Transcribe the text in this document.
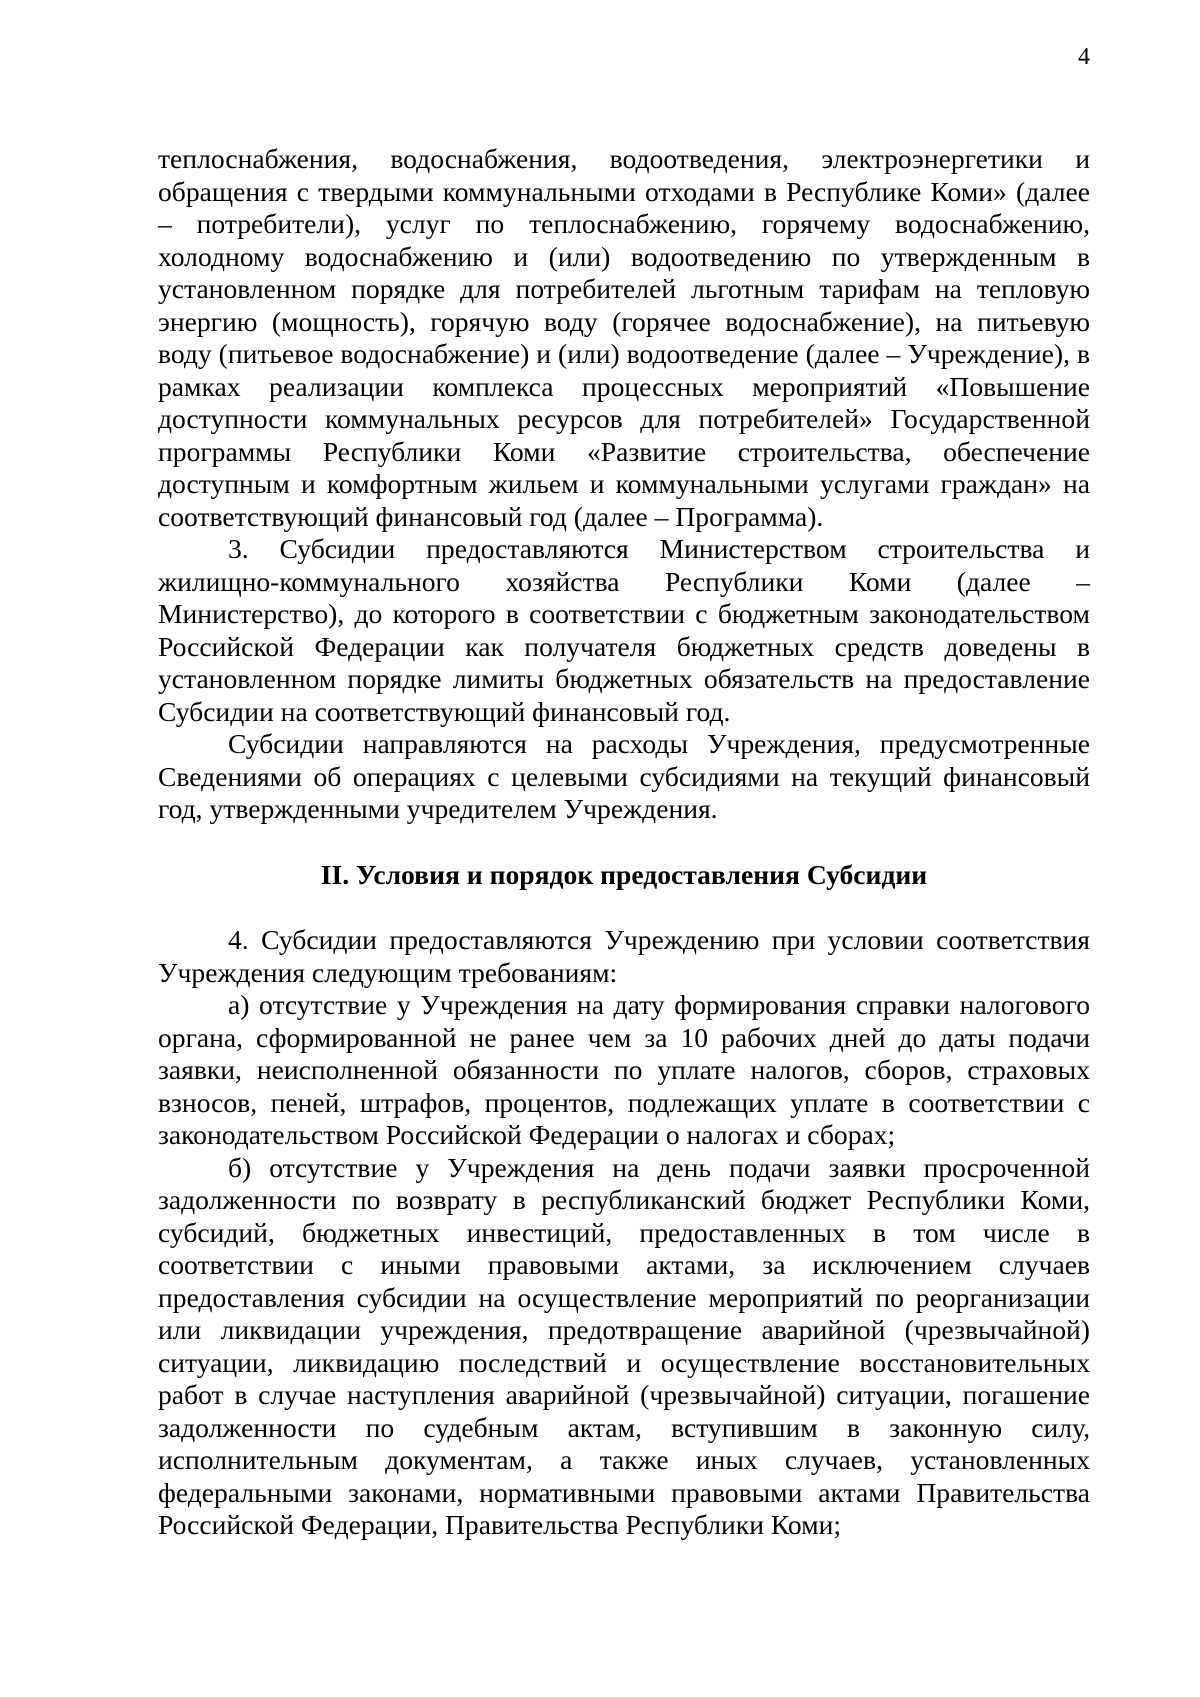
4

теплоснабжения, водоснабжения, водоотведения, электроэнергетики и обращения с твердыми коммунальными отходами в Республике Коми» (далее – потребители), услуг по теплоснабжению, горячему водоснабжению, холодному водоснабжению и (или) водоотведению по утвержденным в установленном порядке для потребителей льготным тарифам на тепловую энергию (мощность), горячую воду (горячее водоснабжение), на питьевую воду (питьевое водоснабжение) и (или) водоотведение (далее – Учреждение), в рамках реализации комплекса процессных мероприятий «Повышение доступности коммунальных ресурсов для потребителей» Государственной программы Республики Коми «Развитие строительства, обеспечение доступным и комфортным жильем и коммунальными услугами граждан» на соответствующий финансовый год (далее – Программа).

3. Субсидии предоставляются Министерством строительства и жилищно-коммунального хозяйства Республики Коми (далее – Министерство), до которого в соответствии с бюджетным законодательством Российской Федерации как получателя бюджетных средств доведены в установленном порядке лимиты бюджетных обязательств на предоставление Субсидии на соответствующий финансовый год.

Субсидии направляются на расходы Учреждения, предусмотренные Сведениями об операциях с целевыми субсидиями на текущий финансовый год, утвержденными учредителем Учреждения.

II. Условия и порядок предоставления Субсидии

4. Субсидии предоставляются Учреждению при условии соответствия Учреждения следующим требованиям:

а) отсутствие у Учреждения на дату формирования справки налогового органа, сформированной не ранее чем за 10 рабочих дней до даты подачи заявки, неисполненной обязанности по уплате налогов, сборов, страховых взносов, пеней, штрафов, процентов, подлежащих уплате в соответствии с законодательством Российской Федерации о налогах и сборах;

б) отсутствие у Учреждения на день подачи заявки просроченной задолженности по возврату в республиканский бюджет Республики Коми, субсидий, бюджетных инвестиций, предоставленных в том числе в соответствии с иными правовыми актами, за исключением случаев предоставления субсидии на осуществление мероприятий по реорганизации или ликвидации учреждения, предотвращение аварийной (чрезвычайной) ситуации, ликвидацию последствий и осуществление восстановительных работ в случае наступления аварийной (чрезвычайной) ситуации, погашение задолженности по судебным актам, вступившим в законную силу, исполнительным документам, а также иных случаев, установленных федеральными законами, нормативными правовыми актами Правительства Российской Федерации, Правительства Республики Коми;
